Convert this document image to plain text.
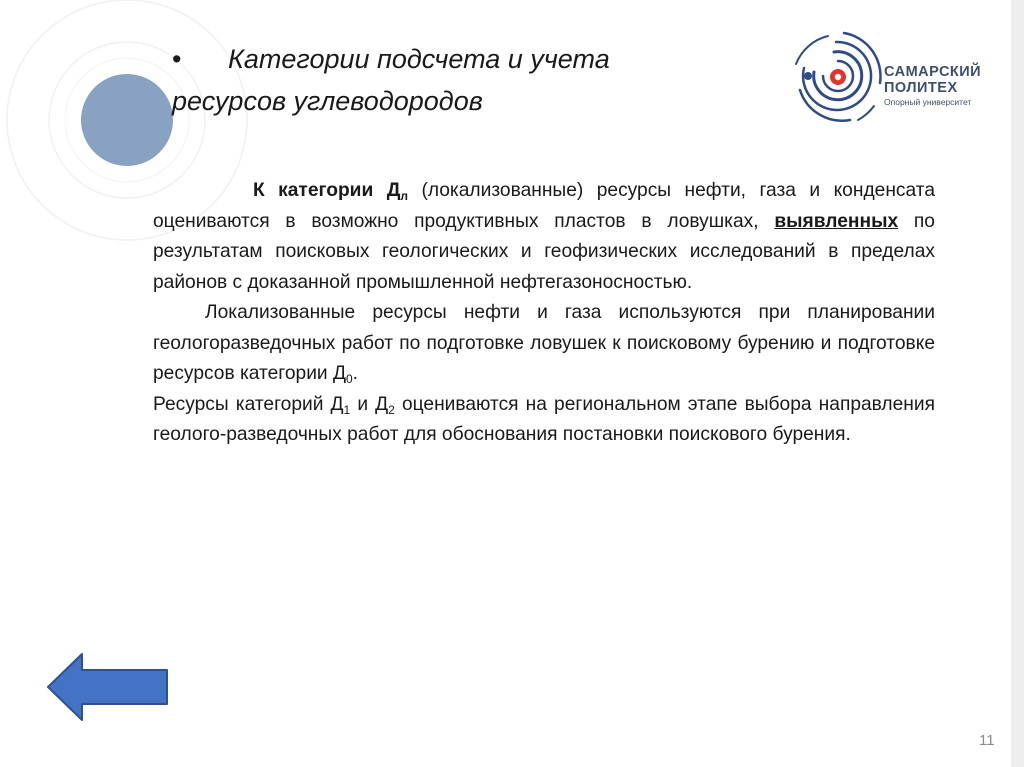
• Категории подсчета и учета
ресурсов углеводородов
САМАРСКИЙ
ПОЛИТЕХ
Опорный университет

К категории $Д_л$ (локализованные) ресурсы нефти, газа и конденсата оцениваются в возможно продуктивных пластов в ловушках, выявленных по результатам поисковых геологических и геофизических исследований в пределах районов с доказанной промышленной нефтегазоносностью.

Локализованные ресурсы нефти и газа используются при планировании геологоразведочных работ по подготовке ловушек к поисковому бурению и подготовке ресурсов категории $Д_0$.

Ресурсы категорий $Д_1$ и $Д_2$ оцениваются на региональном этапе выбора направления геолого-разведочных работ для обоснования постановки поискового бурения.

11
